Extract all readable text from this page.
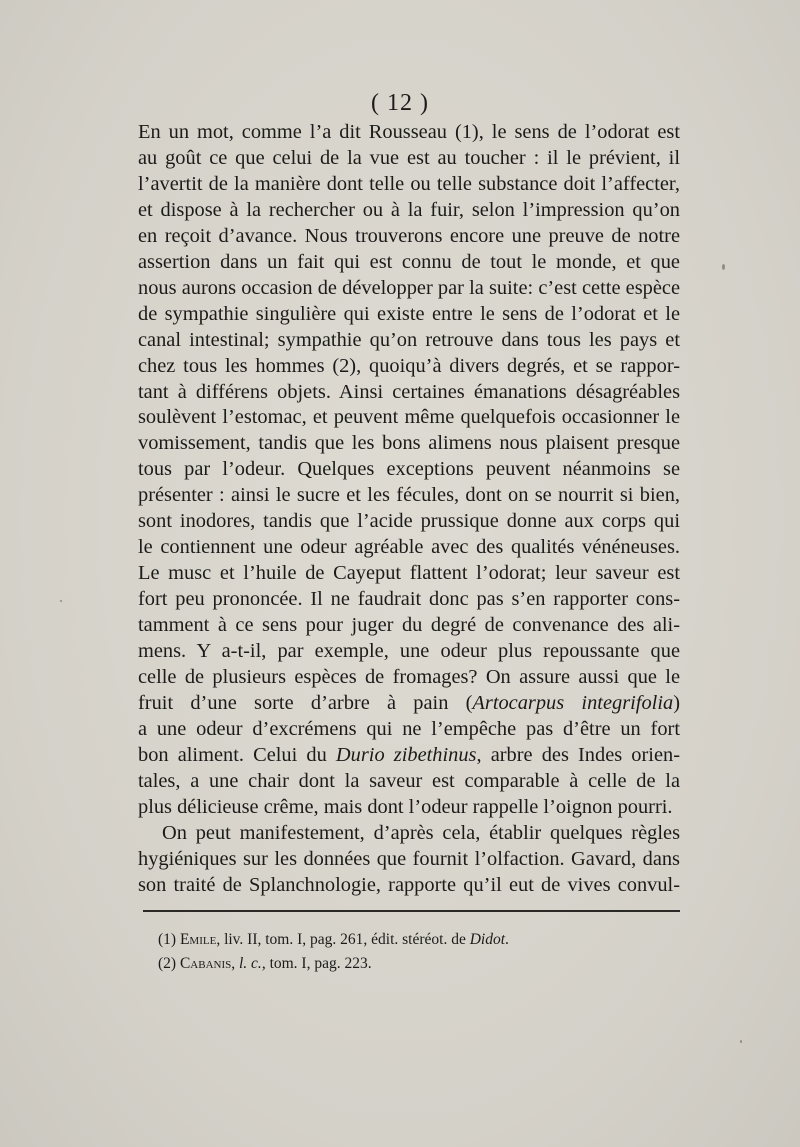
( 12 )
En un mot, comme l’a dit Rousseau (1), le sens de l’odorat est
au goût ce que celui de la vue est au toucher : il le prévient, il
l’avertit de la manière dont telle ou telle substance doit l’affecter,
et dispose à la rechercher ou à la fuir, selon l’impression qu’on
en reçoit d’avance. Nous trouverons encore une preuve de notre
assertion dans un fait qui est connu de tout le monde, et que
nous aurons occasion de développer par la suite: c’est cette espèce
de sympathie singulière qui existe entre le sens de l’odorat et le
canal intestinal; sympathie qu’on retrouve dans tous les pays et
chez tous les hommes (2), quoiqu’à divers degrés, et se rappor-
tant à différens objets. Ainsi certaines émanations désagréables
soulèvent l’estomac, et peuvent même quelquefois occasionner le
vomissement, tandis que les bons alimens nous plaisent presque
tous par l’odeur. Quelques exceptions peuvent néanmoins se
présenter : ainsi le sucre et les fécules, dont on se nourrit si bien,
sont inodores, tandis que l’acide prussique donne aux corps qui
le contiennent une odeur agréable avec des qualités vénéneuses.
Le musc et l’huile de Cayeput flattent l’odorat; leur saveur est
fort peu prononcée. Il ne faudrait donc pas s’en rapporter cons-
tamment à ce sens pour juger du degré de convenance des ali-
mens. Y a-t-il, par exemple, une odeur plus repoussante que
celle de plusieurs espèces de fromages? On assure aussi que le
fruit d’une sorte d’arbre à pain (Artocarpus integrifolia)
a une odeur d’excrémens qui ne l’empêche pas d’être un fort
bon aliment. Celui du Durio zibethinus, arbre des Indes orien-
tales, a une chair dont la saveur est comparable à celle de la
plus délicieuse crême, mais dont l’odeur rappelle l’oignon pourri.
On peut manifestement, d’après cela, établir quelques règles
hygiéniques sur les données que fournit l’olfaction. Gavard, dans
son traité de Splanchnologie, rapporte qu’il eut de vives convul-
(1) Emile, liv. II, tom. I, pag. 261, édit. stéréot. de Didot.
(2) Cabanis, l. c., tom. I, pag. 223.
